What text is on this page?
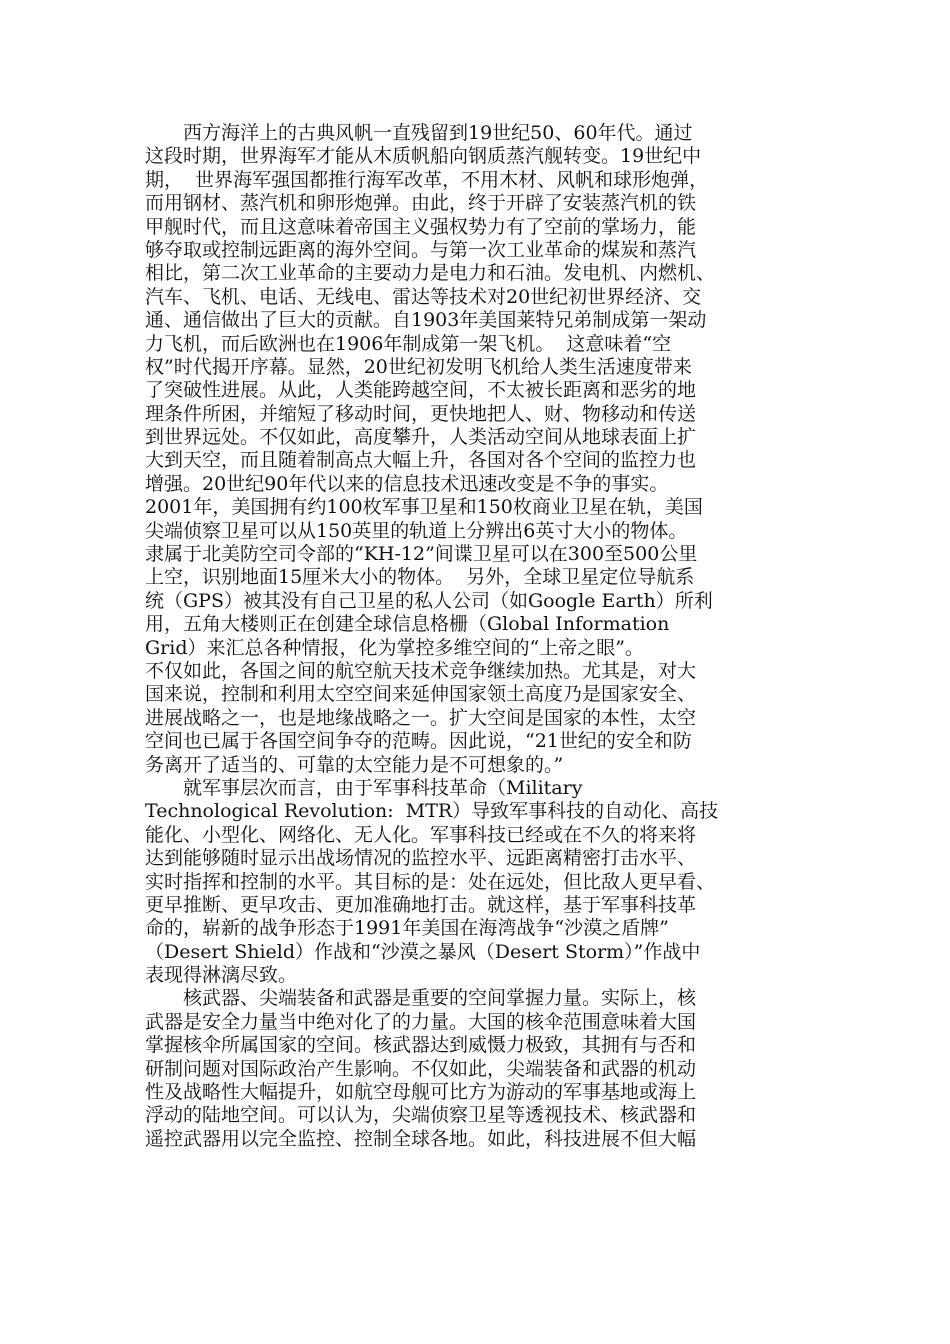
　　西方海洋上的古典风帆一直残留到19世纪50、60年代。通过
这段时期，世界海军才能从木质帆船向钢质蒸汽舰转变。19世纪中
期，  世界海军强国都推行海军改革，不用木材、风帆和球形炮弹，
而用钢材、蒸汽机和卵形炮弹。由此，终于开辟了安装蒸汽机的铁
甲舰时代，而且这意味着帝国主义强权势力有了空前的掌场力，能
够夺取或控制远距离的海外空间。与第一次工业革命的煤炭和蒸汽
相比，第二次工业革命的主要动力是电力和石油。发电机、内燃机、
汽车、飞机、电话、无线电、雷达等技术对20世纪初世界经济、交
通、通信做出了巨大的贡献。自1903年美国莱特兄弟制成第一架动
力飞机，而后欧洲也在1906年制成第一架飞机。  这意味着“空
权”时代揭开序幕。显然，20世纪初发明飞机给人类生活速度带来
了突破性进展。从此，人类能跨越空间，不太被长距离和恶劣的地
理条件所困，并缩短了移动时间，更快地把人、财、物移动和传送
到世界远处。不仅如此，高度攀升，人类活动空间从地球表面上扩
大到天空，而且随着制高点大幅上升，各国对各个空间的监控力也
增强。20世纪90年代以来的信息技术迅速改变是不争的事实。
2001年，美国拥有约100枚军事卫星和150枚商业卫星在轨，美国
尖端侦察卫星可以从150英里的轨道上分辨出6英寸大小的物体。
隶属于北美防空司令部的“KH-12”间谍卫星可以在300至500公里
上空，识别地面15厘米大小的物体。  另外，全球卫星定位导航系
统（GPS）被其没有自己卫星的私人公司（如Google Earth）所利
用，五角大楼则正在创建全球信息格栅（Global Information
Grid）来汇总各种情报，化为掌控多维空间的“上帝之眼”。
不仅如此，各国之间的航空航天技术竞争继续加热。尤其是，对大
国来说，控制和利用太空空间来延伸国家领土高度乃是国家安全、
进展战略之一，也是地缘战略之一。扩大空间是国家的本性，太空
空间也已属于各国空间争夺的范畴。因此说，“21世纪的安全和防
务离开了适当的、可靠的太空能力是不可想象的。”
　　就军事层次而言，由于军事科技革命（Military
Technological Revolution:  MTR）导致军事科技的自动化、高技
能化、小型化、网络化、无人化。军事科技已经或在不久的将来将
达到能够随时显示出战场情况的监控水平、远距离精密打击水平、
实时指挥和控制的水平。其目标的是：处在远处，但比敌人更早看、
更早推断、更早攻击、更加准确地打击。就这样，基于军事科技革
命的，崭新的战争形态于1991年美国在海湾战争“沙漠之盾牌”
（Desert Shield）作战和“沙漠之暴风（Desert Storm）”作战中
表现得淋漓尽致。
　　核武器、尖端装备和武器是重要的空间掌握力量。实际上，核
武器是安全力量当中绝对化了的力量。大国的核伞范围意味着大国
掌握核伞所属国家的空间。核武器达到威慑力极致，其拥有与否和
研制问题对国际政治产生影响。不仅如此，尖端装备和武器的机动
性及战略性大幅提升，如航空母舰可比方为游动的军事基地或海上
浮动的陆地空间。可以认为，尖端侦察卫星等透视技术、核武器和
遥控武器用以完全监控、控制全球各地。如此，科技进展不但大幅
